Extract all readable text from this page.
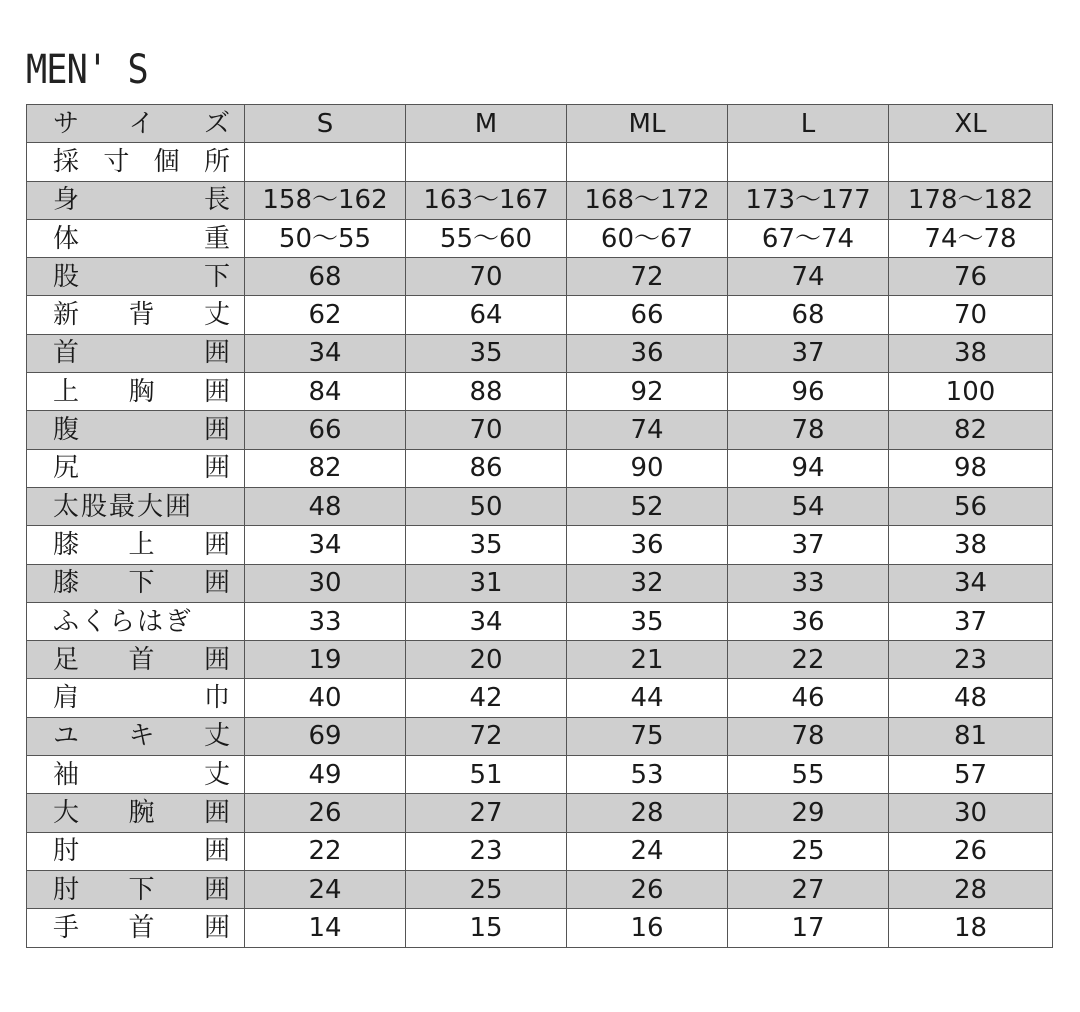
MEN' S
サ イ ズ	S	M	ML	L	XL

採 寸 個 所					

身 長	158〜162	163〜167	168〜172	173〜177	178〜182

体 重	50〜55	55〜60	60〜67	67〜74	74〜78

股 下	68	70	72	74	76

新 背 丈	62	64	66	68	70

首 囲	34	35	36	37	38

上 胸 囲	84	88	92	96	100

腹 囲	66	70	74	78	82

尻 囲	82	86	90	94	98

太股最大囲	48	50	52	54	56

膝 上 囲	34	35	36	37	38

膝 下 囲	30	31	32	33	34

ふくらはぎ	33	34	35	36	37

足 首 囲	19	20	21	22	23

肩 巾	40	42	44	46	48

ユ キ 丈	69	72	75	78	81

袖 丈	49	51	53	55	57

大 腕 囲	26	27	28	29	30

肘 囲	22	23	24	25	26

肘 下 囲	24	25	26	27	28

手 首 囲	14	15	16	17	18
